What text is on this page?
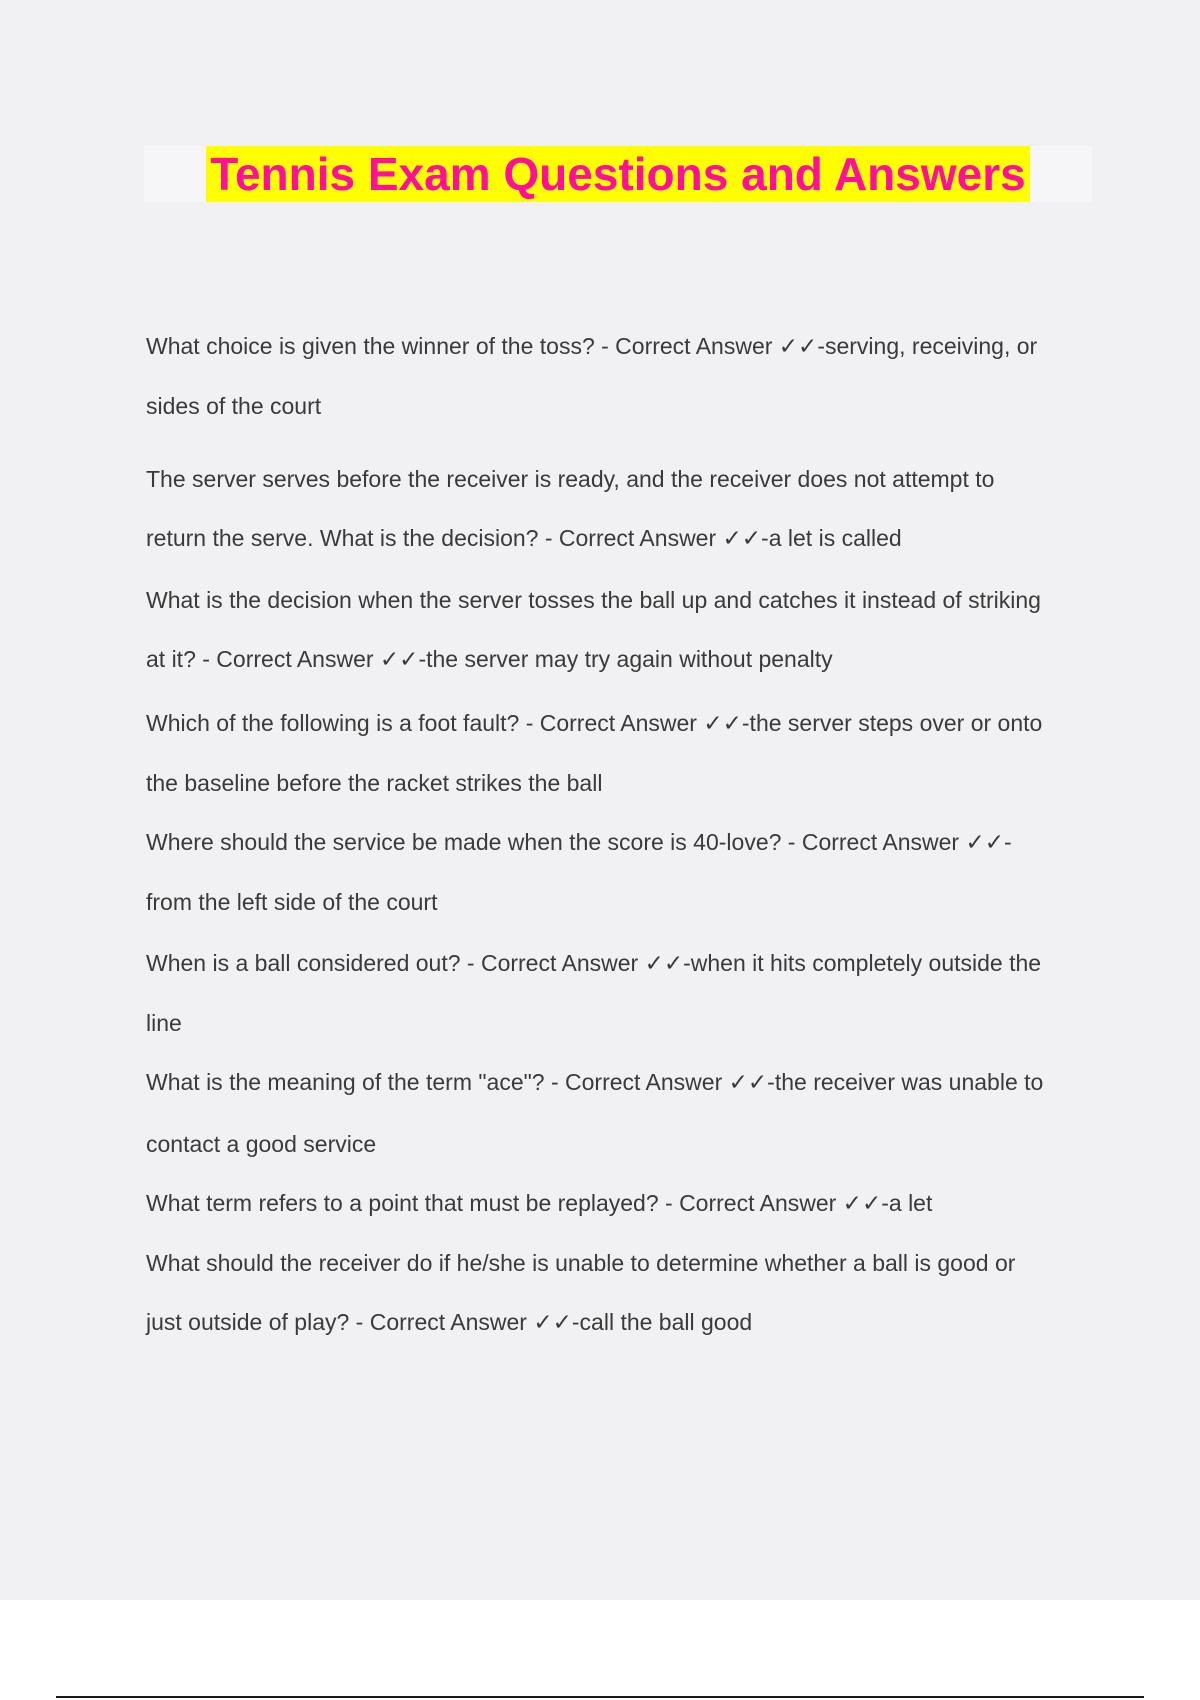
Tennis Exam Questions and Answers
What choice is given the winner of the toss? - Correct Answer ✓✓-serving, receiving, or
sides of the court
The server serves before the receiver is ready, and the receiver does not attempt to
return the serve. What is the decision? - Correct Answer ✓✓-a let is called
What is the decision when the server tosses the ball up and catches it instead of striking
at it? - Correct Answer ✓✓-the server may try again without penalty
Which of the following is a foot fault? - Correct Answer ✓✓-the server steps over or onto
the baseline before the racket strikes the ball
Where should the service be made when the score is 40-love? - Correct Answer ✓✓-
from the left side of the court
When is a ball considered out? - Correct Answer ✓✓-when it hits completely outside the
line
What is the meaning of the term "ace"? - Correct Answer ✓✓-the receiver was unable to
contact a good service
What term refers to a point that must be replayed? - Correct Answer ✓✓-a let
What should the receiver do if he/she is unable to determine whether a ball is good or
just outside of play? - Correct Answer ✓✓-call the ball good
